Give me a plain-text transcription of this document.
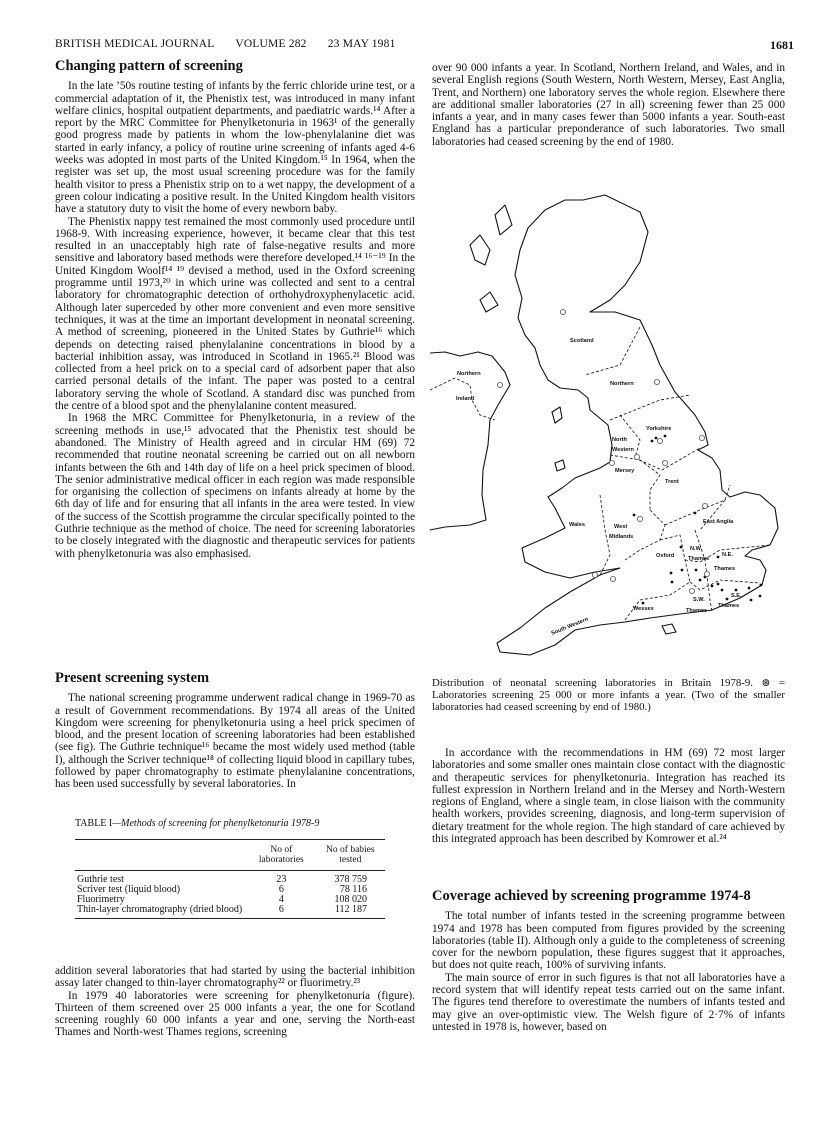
BRITISH MEDICAL JOURNAL VOLUME 282 23 MAY 1981	1681
Changing pattern of screening

In the late ’50s routine testing of infants by the ferric chloride urine test, or a commercial adaptation of it, the Phenistix test, was introduced in many infant welfare clinics, hospital outpatient departments, and paediatric wards.¹⁴ After a report by the MRC Committee for Phenylketonuria in 1963¹ of the generally good progress made by patients in whom the low-phenylalanine diet was started in early infancy, a policy of routine urine screening of infants aged 4-6 weeks was adopted in most parts of the United Kingdom.¹⁵ In 1964, when the register was set up, the most usual screening procedure was for the family health visitor to press a Phenistix strip on to a wet nappy, the development of a green colour indicating a positive result. In the United Kingdom health visitors have a statutory duty to visit the home of every newborn baby.

The Phenistix nappy test remained the most commonly used procedure until 1968-9. With increasing experience, however, it became clear that this test resulted in an unacceptably high rate of false-negative results and more sensitive and laboratory based methods were therefore developed.¹⁴ ¹⁶⁻¹⁹ In the United Kingdom Woolf¹⁴ ¹⁹ devised a method, used in the Oxford screening programme until 1973,²⁰ in which urine was collected and sent to a central laboratory for chromatographic detection of orthohydroxyphenylacetic acid. Although later superceded by other more convenient and even more sensitive techniques, it was at the time an important development in neonatal screening. A method of screening, pioneered in the United States by Guthrie¹⁶ which depends on detecting raised phenylalanine concentrations in blood by a bacterial inhibition assay, was introduced in Scotland in 1965.²¹ Blood was collected from a heel prick on to a special card of adsorbent paper that also carried personal details of the infant. The paper was posted to a central laboratory serving the whole of Scotland. A standard disc was punched from the centre of a blood spot and the phenylalanine content measured.

In 1968 the MRC Committee for Phenylketonuria, in a review of the screening methods in use,¹⁵ advocated that the Phenistix test should be abandoned. The Ministry of Health agreed and in circular HM (69) 72 recommended that routine neonatal screening be carried out on all newborn infants between the 6th and 14th day of life on a heel prick specimen of blood. The senior administrative medical officer in each region was made responsible for organising the collection of specimens on infants already at home by the 6th day of life and for ensuring that all infants in the area were tested. In view of the success of the Scottish programme the circular specifically pointed to the Guthrie technique as the method of choice. The need for screening laboratories to be closely integrated with the diagnostic and therapeutic services for patients with phenylketonuria was also emphasised.

Present screening system

The national screening programme underwent radical change in 1969-70 as a result of Government recommendations. By 1974 all areas of the United Kingdom were screening for phenylketonuria using a heel prick specimen of blood, and the present location of screening laboratories had been established (see fig). The Guthrie technique¹⁶ became the most widely used method (table I), although the Scriver technique¹⁸ of collecting liquid blood in capillary tubes, followed by paper chromatography to estimate phenylalanine concentrations, has been used successfully by several laboratories. In

TABLE I—Methods of screening for phenylketonuria 1978-9
	No of laboratories	No of babies tested
Guthrie test	23	378 759
Scriver test (liquid blood)	6	78 116
Fluorimetry	4	108 020
Thin-layer chromatography (dried blood)	6	112 187

addition several laboratories that had started by using the bacterial inhibition assay later changed to thin-layer chromatography²² or fluorimetry.²³

In 1979 40 laboratories were screening for phenylketonuria (figure). Thirteen of them screened over 25 000 infants a year, the one for Scotland screening roughly 60 000 infants a year and one, serving the North-east Thames and North-west Thames regions, screening

over 90 000 infants a year. In Scotland, Northern Ireland, and Wales, and in several English regions (South Western, North Western, Mersey, East Anglia, Trent, and Northern) one laboratory serves the whole region. Elsewhere there are additional smaller laboratories (27 in all) screening fewer than 25 000 infants a year, and in many cases fewer than 5000 infants a year. South-east England has a particular preponderance of such laboratories. Two small laboratories had ceased screening by the end of 1980.

Scotland
Northern
Ireland
Northern
Yorkshire
North
Western
Mersey
Trent
Wales	West
Midlands
East Anglia
Oxford
N.W.
Thames
N.E.
Thames
S.W.
Thames
S.E.
Thames
Wessex
South Western
Distribution of neonatal screening laboratories in Britain 1978-9. ⊛ = Laboratories screening 25 000 or more infants a year. (Two of the smaller laboratories had ceased screening by end of 1980.)

In accordance with the recommendations in HM (69) 72 most larger laboratories and some smaller ones maintain close contact with the diagnostic and therapeutic services for phenylketonuria. Integration has reached its fullest expression in Northern Ireland and in the Mersey and North-Western regions of England, where a single team, in close liaison with the community health workers, provides screening, diagnosis, and long-term supervision of dietary treatment for the whole region. The high standard of care achieved by this integrated approach has been described by Komrower et al.²⁴

Coverage achieved by screening programme 1974-8

The total number of infants tested in the screening programme between 1974 and 1978 has been computed from figures provided by the screening laboratories (table II). Although only a guide to the completeness of screening cover for the newborn population, these figures suggest that it approaches, but does not quite reach, 100% of surviving infants.

The main source of error in such figures is that not all laboratories have a record system that will identify repeat tests carried out on the same infant. The figures tend therefore to overestimate the numbers of infants tested and may give an over-optimistic view. The Welsh figure of 2·7% of infants untested in 1978 is, however, based on
